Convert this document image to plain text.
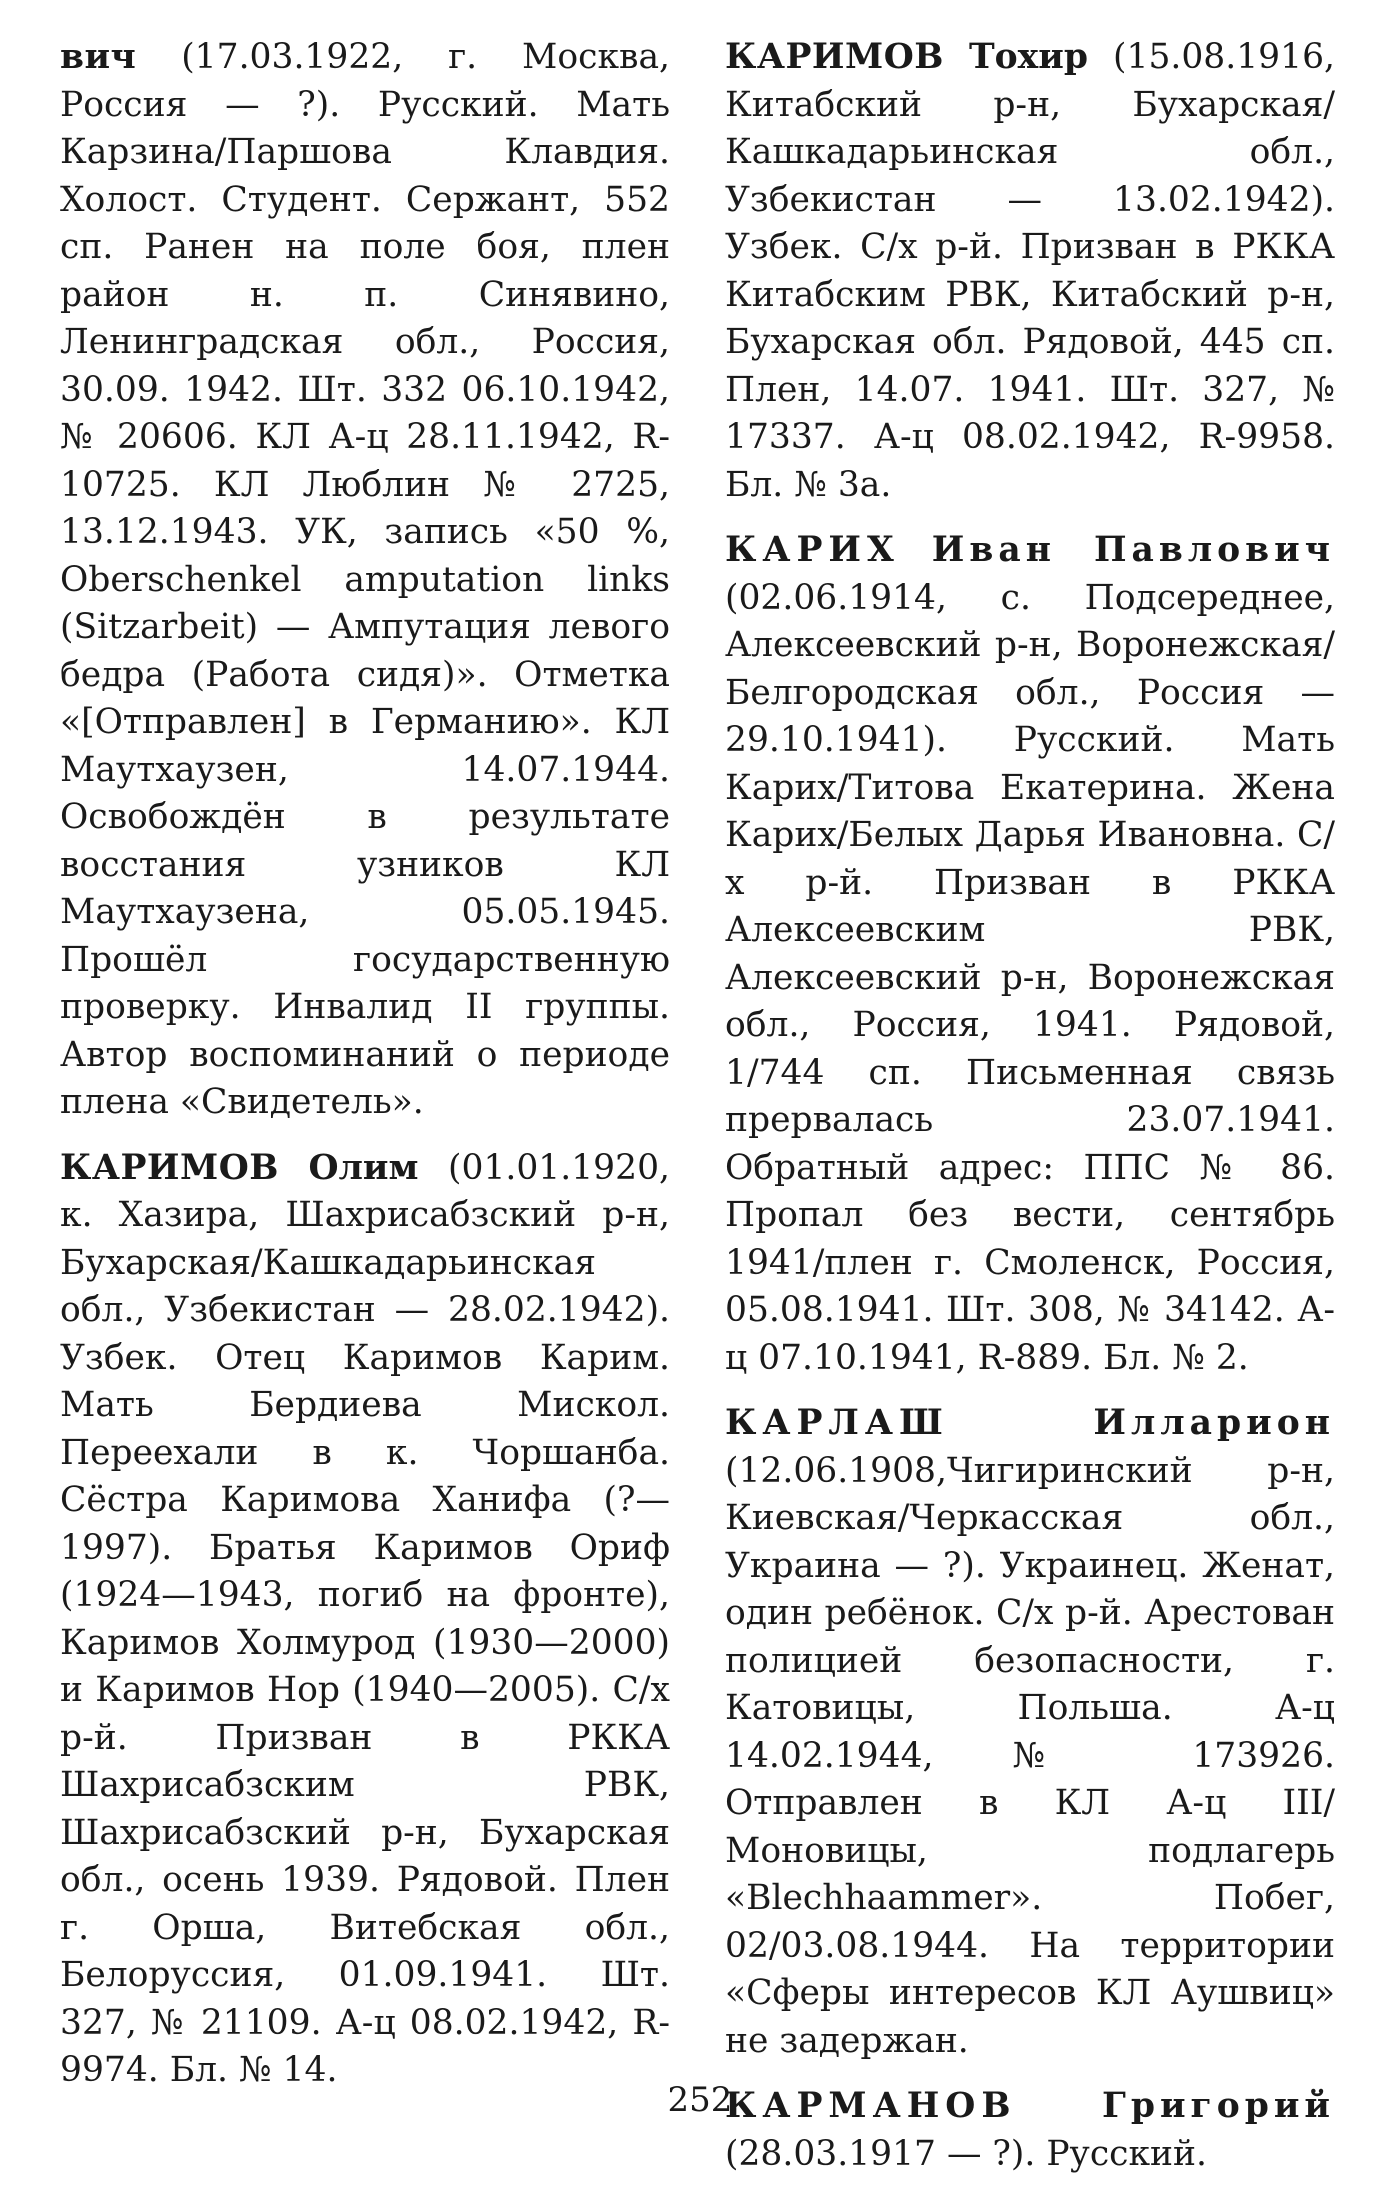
вич (17.03.1922, г. Москва, Россия — ?). Русский. Мать Карзина/Паршова Клавдия. Холост. Студент. Сержант, 552 сп. Ранен на поле боя, плен район н. п. Синявино, Ленинградская обл., Россия, 30.09. 1942. Шт. 332 06.10.1942, № 20606. КЛ А-ц 28.11.1942, R-10725. КЛ Люблин № 2725, 13.12.1943. УК, запись «50 %, Oberschenkel amputation links (Sitzarbeit) — Ампутация левого бедра (Работа сидя)». Отметка «[Отправлен] в Германию». КЛ Маутхаузен, 14.07.1944. Освобождён в результате восстания узников КЛ Маутхаузена, 05.05.1945. Прошёл государственную проверку. Инвалид II группы. Автор воспоминаний о периоде плена «Свидетель».

КАРИМОВ Олим (01.01.1920, к. Хазира, Шахрисабзский р-н, Бухарская/Кашкадарьинская обл., Узбекистан — 28.02.1942). Узбек. Отец Каримов Карим. Мать Бердиева Мискол. Переехали в к. Чоршанба. Сёстра Каримова Ханифа (?—1997). Братья Каримов Ориф (1924—1943, погиб на фронте), Каримов Холмурод (1930—2000) и Каримов Нор (1940—2005). С/х р-й. Призван в РККА Шахрисабзским РВК, Шахрисабзский р-н, Бухарская обл., осень 1939. Рядовой. Плен г. Орша, Витебская обл., Белоруссия, 01.09.1941. Шт. 327, № 21109. А-ц 08.02.1942, R-9974. Бл. № 14.

КАРИМОВ Тохир (15.08.1916, Китабский р-н, Бухарская/Кашкадарьинская обл., Узбекистан — 13.02.1942). Узбек. С/х р-й. Призван в РККА Китабским РВК, Китабский р-н, Бухарская обл. Рядовой, 445 сп. Плен, 14.07. 1941. Шт. 327, № 17337. А-ц 08.02.1942, R-9958. Бл. № 3а.

КАРИХ Иван Павлович (02.06.1914, с. Подсереднее, Алексеевский р-н, Воронежская/Белгородская обл., Россия — 29.10.1941). Русский. Мать Карих/Титова Екатерина. Жена Карих/Белых Дарья Ивановна. С/х р-й. Призван в РККА Алексеевским РВК, Алексеевский р-н, Воронежская обл., Россия, 1941. Рядовой, 1/744 сп. Письменная связь прервалась 23.07.1941. Обратный адрес: ППС № 86. Пропал без вести, сентябрь 1941/плен г. Смоленск, Россия, 05.08.1941. Шт. 308, № 34142. А-ц 07.10.1941, R-889. Бл. № 2.

КАРЛАШ	Илларион (12.06.1908,Чигиринский р-н, Киевская/Черкасская обл., Украина — ?). Украинец. Женат, один ребёнок. С/х р-й. Арестован полицией безопасности, г. Катовицы, Польша. А-ц 14.02.1944, № 173926. Отправлен в КЛ А-ц III/Моновицы, подлагерь «Blechhaammer». Побег, 02/03.08.1944. На территории «Сферы интересов КЛ Аушвиц» не задержан.

КАРМАНОВ Григорий (28.03.1917 — ?). Русский.

252
